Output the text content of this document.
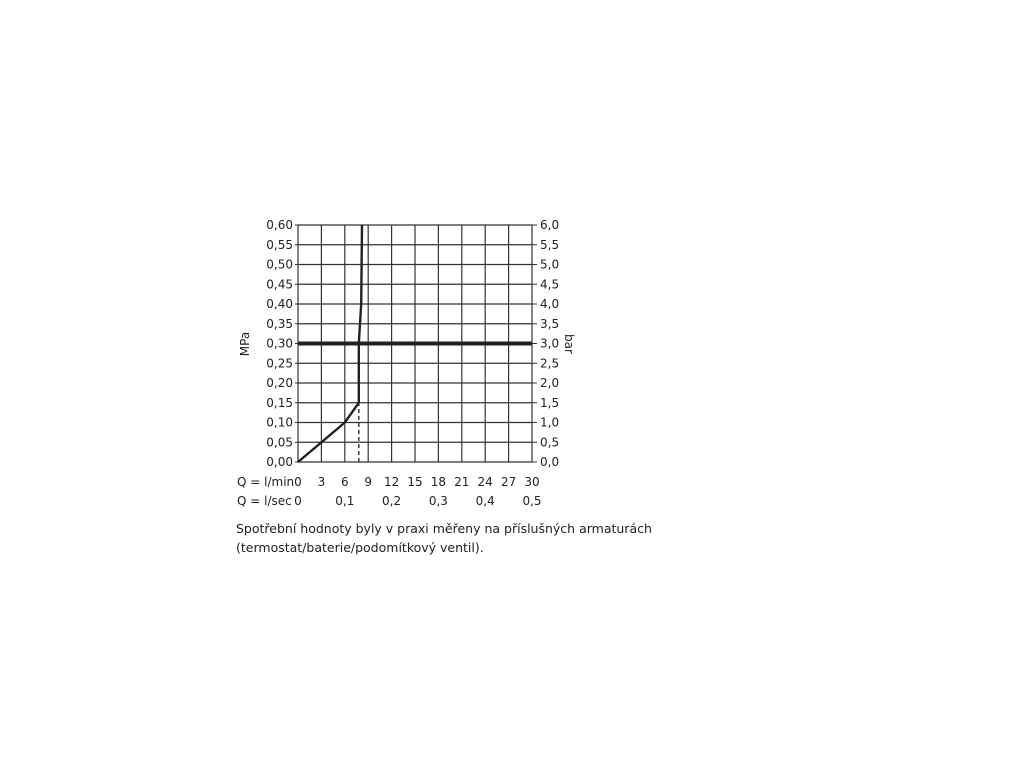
0,00
0,05
0,10
0,15
0,20
0,25
0,30
0,35
0,40
0,45
0,50
0,55
0,60
0,0
0,5
1,0
1,5
2,0
2,5
3,0
3,5
4,0
4,5
5,0
5,5
6,0
0 3 6 9 12 15 18 21 24 27 30
0	0,1 0,2 0,3 0,4 0,5
MPa	bar
Q = l/min
Q = l/sec
Spotřební hodnoty byly v praxi měřeny na příslušných armaturách (termostat/baterie/podomítkový ventil).
